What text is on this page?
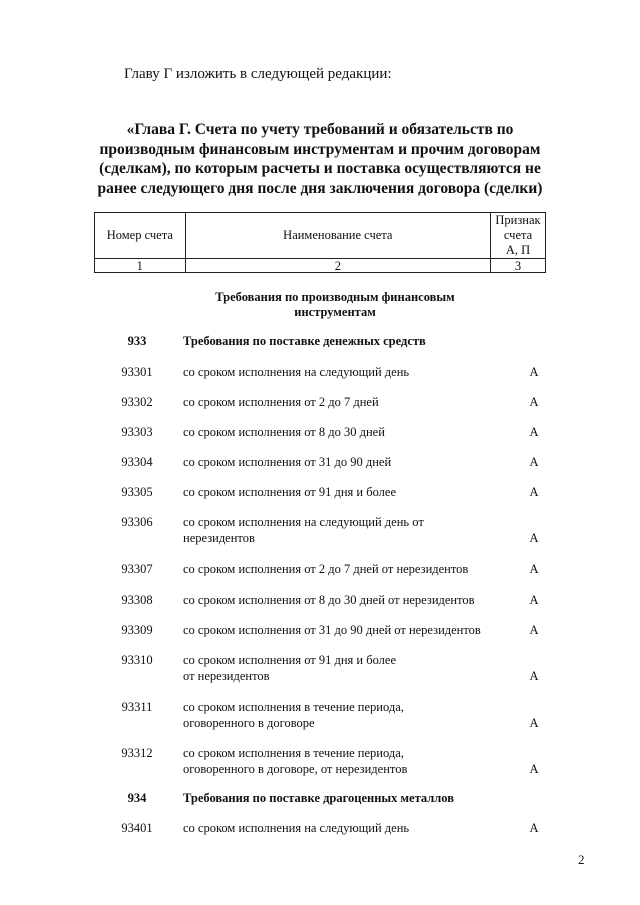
Главу Г изложить в следующей редакции:
«Глава Г. Счета по учету требований и обязательств по
производным финансовым инструментам и прочим договорам
(сделкам), по которым расчеты и поставка осуществляются не
ранее следующего дня после дня заключения договора (сделки)
Номер счета	Наименование счета	Признак счета
А, П

1	2	3
Требования по производным финансовым
инструментам
933	Требования по поставке денежных средств
93301	со сроком исполнения на следующий день	А
93302	со сроком исполнения от 2 до 7 дней	А
93303	со сроком исполнения от 8 до 30 дней	А
93304	со сроком исполнения от 31 до 90 дней	А
93305	со сроком исполнения от 91 дня и более	А
93306	со сроком исполнения на следующий день от
нерезидентов	А
93307	со сроком исполнения от 2 до 7 дней от нерезидентов	А
93308	со сроком исполнения от 8 до 30 дней от нерезидентов	А
93309	со сроком исполнения от 31 до 90 дней от нерезидентов	А
93310	со сроком исполнения от 91 дня и более
от нерезидентов	А
93311	со сроком исполнения в течение периода,
оговоренного в договоре	А
93312	со сроком исполнения в течение периода,
оговоренного в договоре, от нерезидентов	А
934	Требования по поставке драгоценных металлов
93401	со сроком исполнения на следующий день	А
2
